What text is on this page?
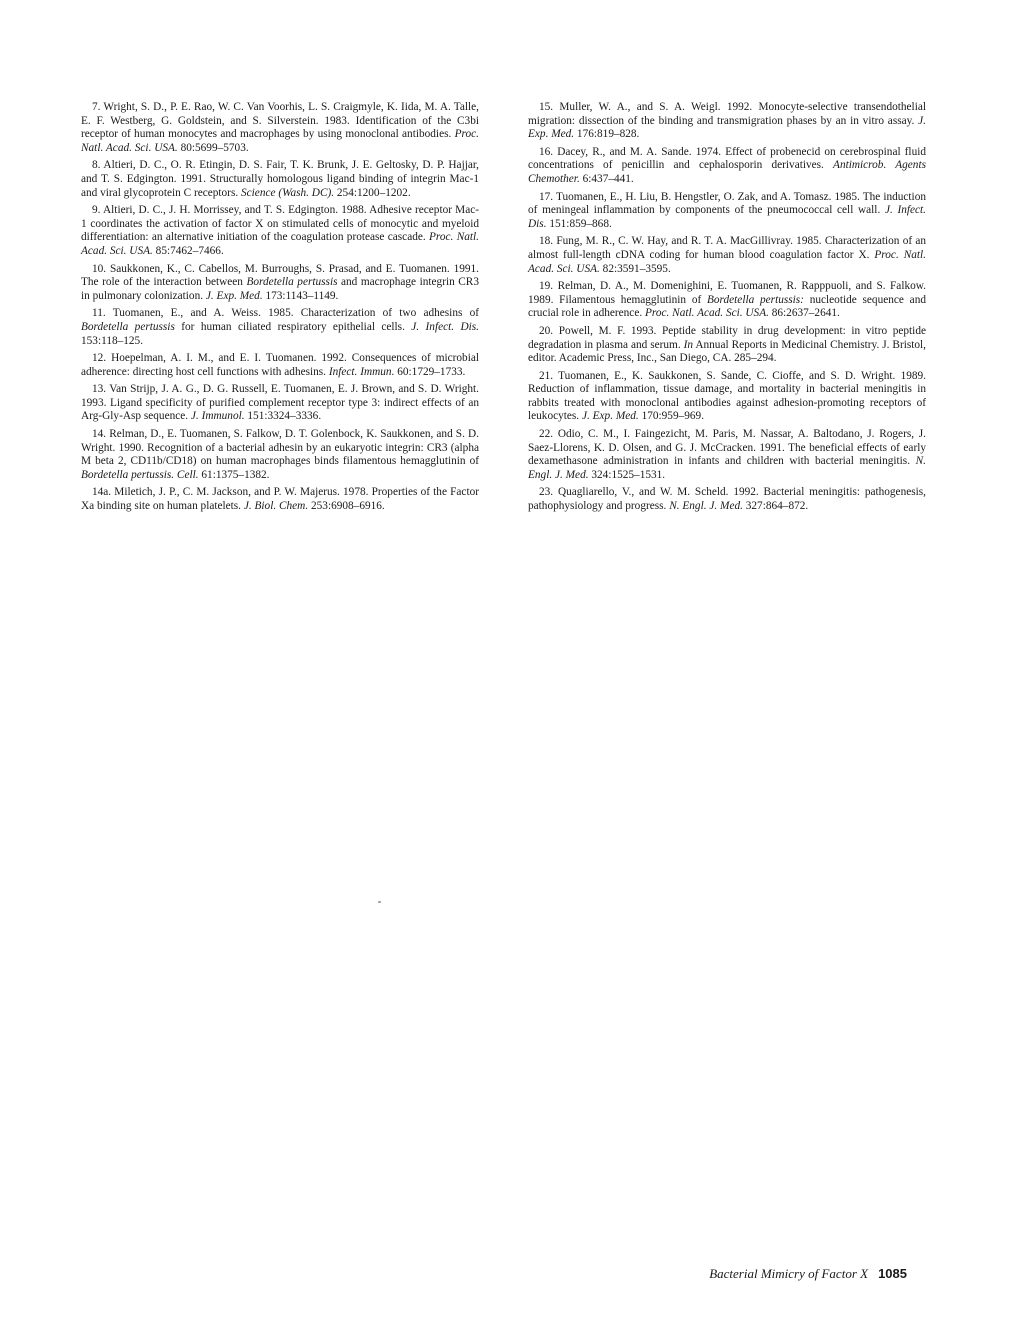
7. Wright, S. D., P. E. Rao, W. C. Van Voorhis, L. S. Craigmyle, K. Iida, M. A. Talle, E. F. Westberg, G. Goldstein, and S. Silverstein. 1983. Identification of the C3bi receptor of human monocytes and macrophages by using monoclonal antibodies. Proc. Natl. Acad. Sci. USA. 80:5699–5703.

8. Altieri, D. C., O. R. Etingin, D. S. Fair, T. K. Brunk, J. E. Geltosky, D. P. Hajjar, and T. S. Edgington. 1991. Structurally homologous ligand binding of integrin Mac-1 and viral glycoprotein C receptors. Science (Wash. DC). 254:1200–1202.

9. Altieri, D. C., J. H. Morrissey, and T. S. Edgington. 1988. Adhesive receptor Mac-1 coordinates the activation of factor X on stimulated cells of monocytic and myeloid differentiation: an alternative initiation of the coagulation protease cascade. Proc. Natl. Acad. Sci. USA. 85:7462–7466.

10. Saukkonen, K., C. Cabellos, M. Burroughs, S. Prasad, and E. Tuomanen. 1991. The role of the interaction between Bordetella pertussis and macrophage integrin CR3 in pulmonary colonization. J. Exp. Med. 173:1143–1149.

11. Tuomanen, E., and A. Weiss. 1985. Characterization of two adhesins of Bordetella pertussis for human ciliated respiratory epithelial cells. J. Infect. Dis. 153:118–125.

12. Hoepelman, A. I. M., and E. I. Tuomanen. 1992. Consequences of microbial adherence: directing host cell functions with adhesins. Infect. Immun. 60:1729–1733.

13. Van Strijp, J. A. G., D. G. Russell, E. Tuomanen, E. J. Brown, and S. D. Wright. 1993. Ligand specificity of purified complement receptor type 3: indirect effects of an Arg-Gly-Asp sequence. J. Immunol. 151:3324–3336.

14. Relman, D., E. Tuomanen, S. Falkow, D. T. Golenbock, K. Saukkonen, and S. D. Wright. 1990. Recognition of a bacterial adhesin by an eukaryotic integrin: CR3 (alpha M beta 2, CD11b/CD18) on human macrophages binds filamentous hemagglutinin of Bordetella pertussis. Cell. 61:1375–1382.

14a. Miletich, J. P., C. M. Jackson, and P. W. Majerus. 1978. Properties of the Factor Xa binding site on human platelets. J. Biol. Chem. 253:6908–6916.

15. Muller, W. A., and S. A. Weigl. 1992. Monocyte-selective transendothelial migration: dissection of the binding and transmigration phases by an in vitro assay. J. Exp. Med. 176:819–828.

16. Dacey, R., and M. A. Sande. 1974. Effect of probenecid on cerebrospinal fluid concentrations of penicillin and cephalosporin derivatives. Antimicrob. Agents Chemother. 6:437–441.

17. Tuomanen, E., H. Liu, B. Hengstler, O. Zak, and A. Tomasz. 1985. The induction of meningeal inflammation by components of the pneumococcal cell wall. J. Infect. Dis. 151:859–868.

18. Fung, M. R., C. W. Hay, and R. T. A. MacGillivray. 1985. Characterization of an almost full-length cDNA coding for human blood coagulation factor X. Proc. Natl. Acad. Sci. USA. 82:3591–3595.

19. Relman, D. A., M. Domenighini, E. Tuomanen, R. Rapppuoli, and S. Falkow. 1989. Filamentous hemagglutinin of Bordetella pertussis: nucleotide sequence and crucial role in adherence. Proc. Natl. Acad. Sci. USA. 86:2637–2641.

20. Powell, M. F. 1993. Peptide stability in drug development: in vitro peptide degradation in plasma and serum. In Annual Reports in Medicinal Chemistry. J. Bristol, editor. Academic Press, Inc., San Diego, CA. 285–294.

21. Tuomanen, E., K. Saukkonen, S. Sande, C. Cioffe, and S. D. Wright. 1989. Reduction of inflammation, tissue damage, and mortality in bacterial meningitis in rabbits treated with monoclonal antibodies against adhesion-promoting receptors of leukocytes. J. Exp. Med. 170:959–969.

22. Odio, C. M., I. Faingezicht, M. Paris, M. Nassar, A. Baltodano, J. Rogers, J. Saez-Llorens, K. D. Olsen, and G. J. McCracken. 1991. The beneficial effects of early dexamethasone administration in infants and children with bacterial meningitis. N. Engl. J. Med. 324:1525–1531.

23. Quagliarello, V., and W. M. Scheld. 1992. Bacterial meningitis: pathogenesis, pathophysiology and progress. N. Engl. J. Med. 327:864–872.

Bacterial Mimicry of Factor X 1085
